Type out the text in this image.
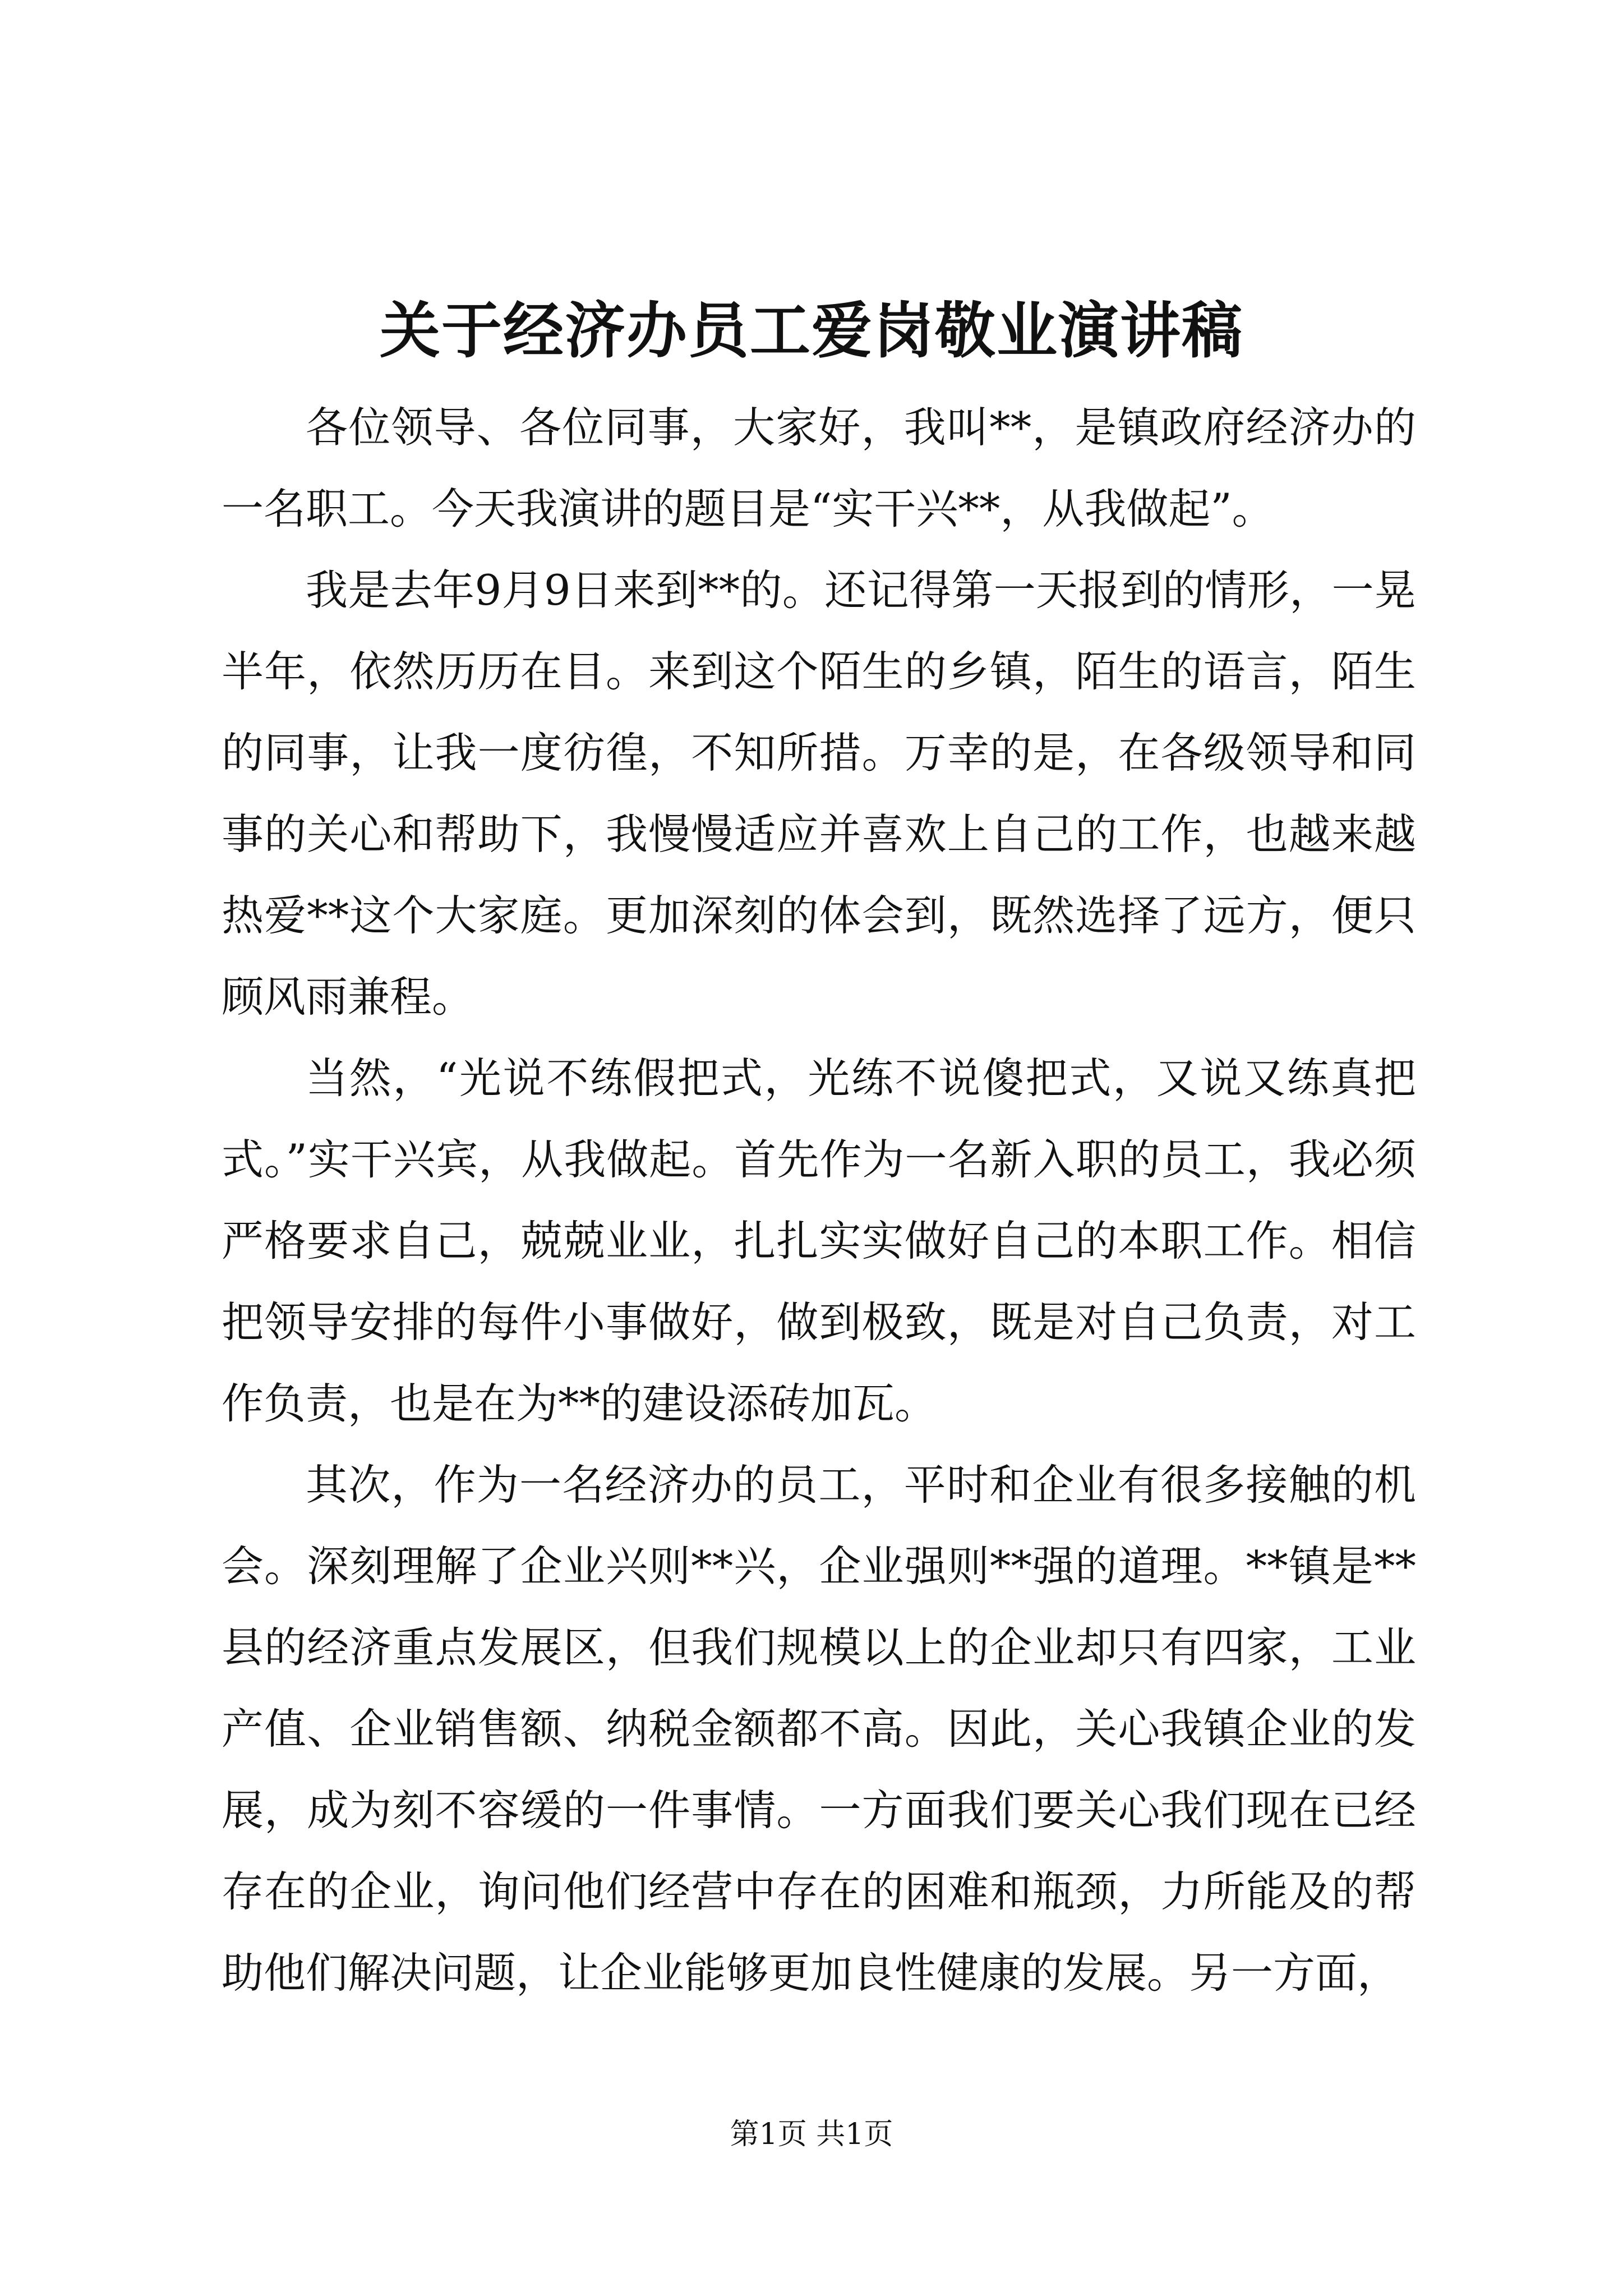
关于经济办员工爱岗敬业演讲稿

各位领导、各位同事，大家好，我叫**，是镇政府经济办的一名职工。今天我演讲的题目是“实干兴**，从我做起”。

我是去年9月9日来到**的。还记得第一天报到的情形，一晃半年，依然历历在目。来到这个陌生的乡镇，陌生的语言，陌生的同事，让我一度彷徨，不知所措。万幸的是，在各级领导和同事的关心和帮助下，我慢慢适应并喜欢上自己的工作，也越来越热爱**这个大家庭。更加深刻的体会到，既然选择了远方，便只顾风雨兼程。

当然，“光说不练假把式，光练不说傻把式，又说又练真把式。”实干兴宾，从我做起。首先作为一名新入职的员工，我必须严格要求自己，兢兢业业，扎扎实实做好自己的本职工作。相信把领导安排的每件小事做好，做到极致，既是对自己负责，对工作负责，也是在为**的建设添砖加瓦。

其次，作为一名经济办的员工，平时和企业有很多接触的机会。深刻理解了企业兴则**兴，企业强则**强的道理。**镇是**县的经济重点发展区，但我们规模以上的企业却只有四家，工业产值、企业销售额、纳税金额都不高。因此，关心我镇企业的发展，成为刻不容缓的一件事情。一方面我们要关心我们现在已经存在的企业，询问他们经营中存在的困难和瓶颈，力所能及的帮助他们解决问题，让企业能够更加良性健康的发展。另一方面，

第1页 共1页
